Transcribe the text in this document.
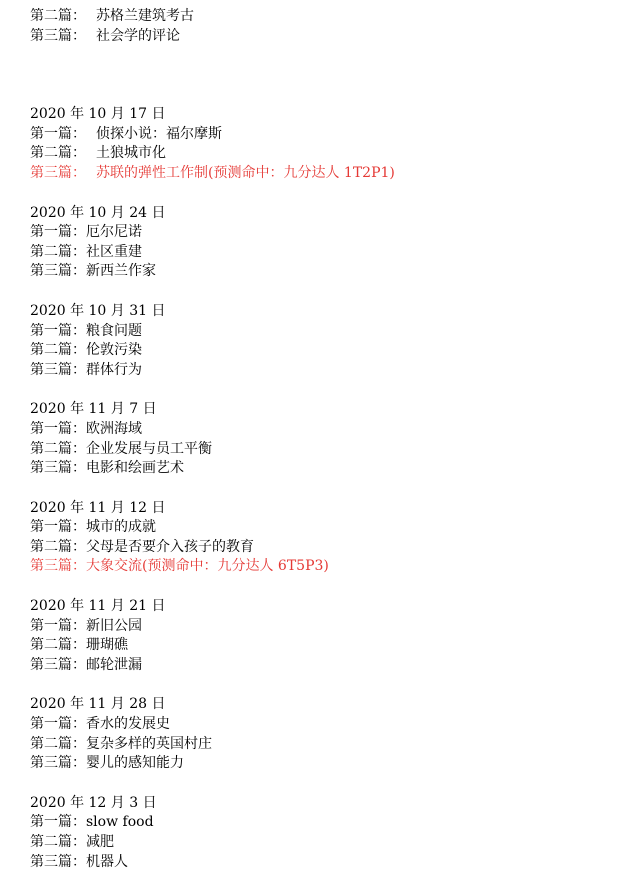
第二篇： 苏格兰建筑考古
第三篇： 社会学的评论
2020 年 10 月 17 日
第一篇： 侦探小说：福尔摩斯
第二篇： 土狼城市化
第三篇： 苏联的弹性工作制(预测命中：九分达人 1T2P1)
2020 年 10 月 24 日
第一篇：厄尔尼诺
第二篇：社区重建
第三篇：新西兰作家
2020 年 10 月 31 日
第一篇：粮食问题
第二篇：伦敦污染
第三篇：群体行为
2020 年 11 月 7 日
第一篇：欧洲海域
第二篇：企业发展与员工平衡
第三篇：电影和绘画艺术
2020 年 11 月 12 日
第一篇：城市的成就
第二篇：父母是否要介入孩子的教育
第三篇：大象交流(预测命中：九分达人 6T5P3)
2020 年 11 月 21 日
第一篇：新旧公园
第二篇：珊瑚礁
第三篇：邮轮泄漏
2020 年 11 月 28 日
第一篇：香水的发展史
第二篇：复杂多样的英国村庄
第三篇：婴儿的感知能力
2020 年 12 月 3 日
第一篇：slow food
第二篇：减肥
第三篇：机器人
